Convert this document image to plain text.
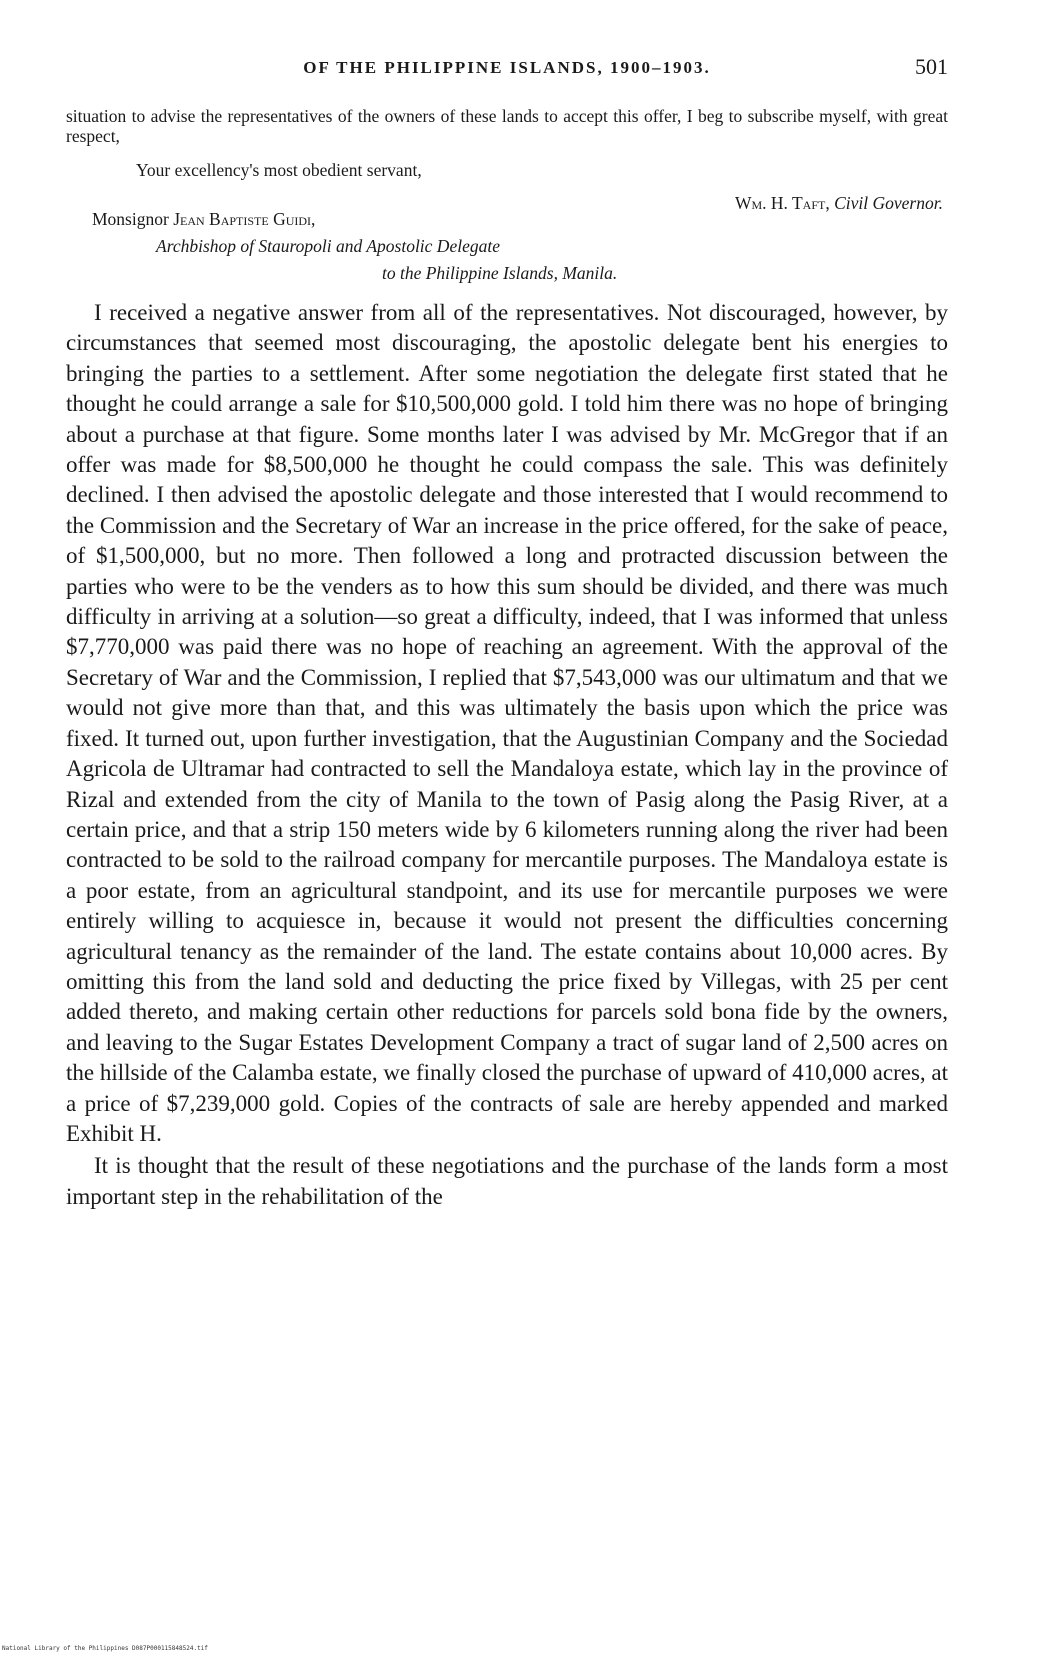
OF THE PHILIPPINE ISLANDS, 1900–1903.	501

situation to advise the representatives of the owners of these lands to accept this offer, I beg to subscribe myself, with great respect,

Your excellency's most obedient servant,
Wm. H. Taft, Civil Governor.
Monsignor Jean Baptiste Guidi,
Archbishop of Stauropoli and Apostolic Delegate
to the Philippine Islands, Manila.

I received a negative answer from all of the representatives. Not discouraged, however, by circumstances that seemed most discouraging, the apostolic delegate bent his energies to bringing the parties to a settlement. After some negotiation the delegate first stated that he thought he could arrange a sale for $10,500,000 gold. I told him there was no hope of bringing about a purchase at that figure. Some months later I was advised by Mr. McGregor that if an offer was made for $8,500,000 he thought he could compass the sale. This was definitely declined. I then advised the apostolic delegate and those interested that I would recommend to the Commission and the Secretary of War an increase in the price offered, for the sake of peace, of $1,500,000, but no more. Then followed a long and protracted discussion between the parties who were to be the venders as to how this sum should be divided, and there was much difficulty in arriving at a solution—so great a difficulty, indeed, that I was informed that unless $7,770,000 was paid there was no hope of reaching an agreement. With the approval of the Secretary of War and the Commission, I replied that $7,543,000 was our ultimatum and that we would not give more than that, and this was ultimately the basis upon which the price was fixed. It turned out, upon further investigation, that the Augustinian Company and the Sociedad Agricola de Ultramar had contracted to sell the Mandaloya estate, which lay in the province of Rizal and extended from the city of Manila to the town of Pasig along the Pasig River, at a certain price, and that a strip 150 meters wide by 6 kilometers running along the river had been contracted to be sold to the railroad company for mercantile purposes. The Mandaloya estate is a poor estate, from an agricultural standpoint, and its use for mercantile purposes we were entirely willing to acquiesce in, because it would not present the difficulties concerning agricultural tenancy as the remainder of the land. The estate contains about 10,000 acres. By omitting this from the land sold and deducting the price fixed by Villegas, with 25 per cent added thereto, and making certain other reductions for parcels sold bona fide by the owners, and leaving to the Sugar Estates Development Company a tract of sugar land of 2,500 acres on the hillside of the Calamba estate, we finally closed the purchase of upward of 410,000 acres, at a price of $7,239,000 gold. Copies of the contracts of sale are hereby appended and marked Exhibit H.

It is thought that the result of these negotiations and the purchase of the lands form a most important step in the rehabilitation of the

National Library of the Philippines D087P000115848524.tif
